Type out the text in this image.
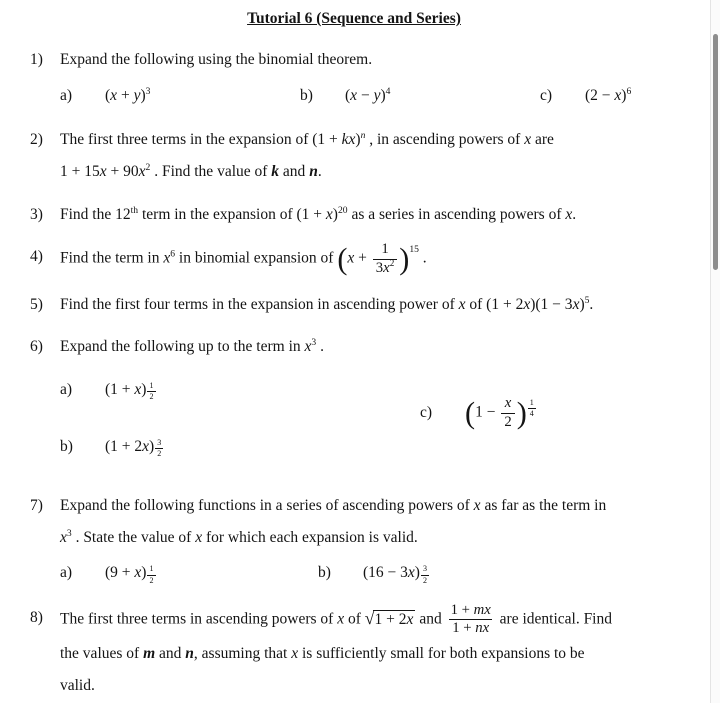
Tutorial 6 (Sequence and Series)
1)	Expand the following using the binomial theorem.
a) $(x + y)^3$	b) $(x - y)^4$	c) $(2 - x)^6$
2)	The first three terms in the expansion of (1 + kx)$^n$ , in ascending powers of x are
$1 + 15x + 90x^2$ . Find the value of k and n.
3)	Find the 12th term in the expansion of $(1 + x)^{20}$ as a series in ascending powers of x.
4)	Find the term in $x^6$ in binomial expansion of $(x + \frac{1}{3x^2} )^{15}$ .
5)	Find the first four terms in the expansion in ascending power of x of $(1 + 2x)(1 - 3x)^5$.
6)	Expand the following up to the term in $x^3$ .
a) $(1 + x) \frac{1}{2}$
b) $(1 + 2x) \frac{3}{2}$
c) ($1 - \frac{x}{2}$ ) $\frac{1}{4}$
7)	Expand the following functions in a series of ascending powers of x as far as the term in
$x^3$ . State the value of x for which each expansion is valid.
a) $(9 + x) \frac{1}{2}$	b) $(16 - 3x) \frac{3}{2}$
8)	The first three terms in ascending powers of x of √1 + 2x and $\frac{1 + mx}{1 + nx}$ are identical. Find
the values of m and n, assuming that x is sufficiently small for both expansions to be
valid.
